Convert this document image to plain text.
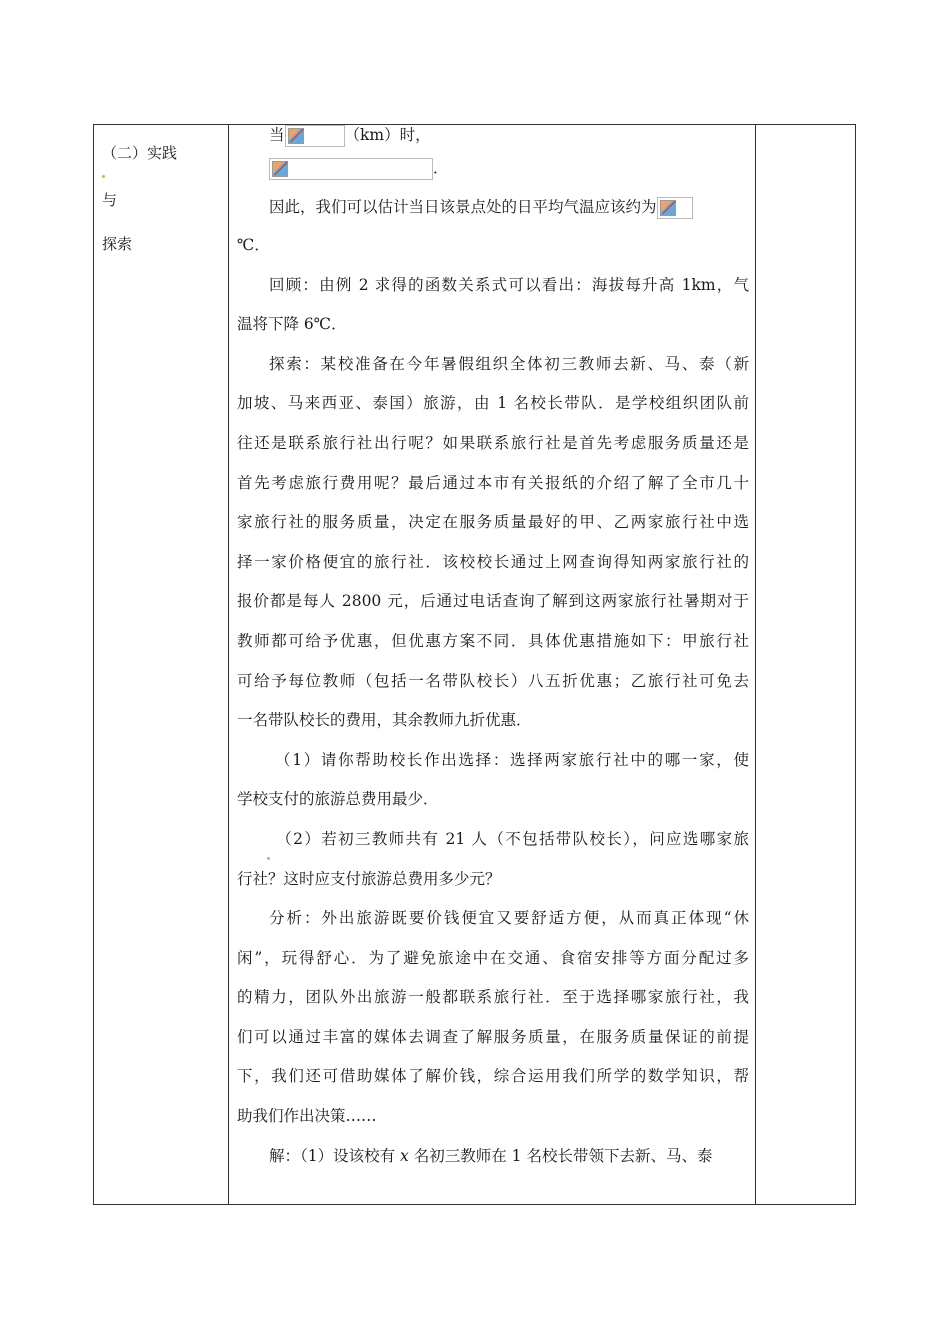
（二）实践
与
探索
当	（km）时，
．
因此，我们可以估计当日该景点处的日平均气温应该约为
℃．
回顾：由例 2 求得的函数关系式可以看出：海拔每升高 1km，气
温将下降 6℃．
探索：某校准备在今年暑假组织全体初三教师去新、马、泰（新
加坡、马来西亚、泰国）旅游，由 1 名校长带队．是学校组织团队前
往还是联系旅行社出行呢？如果联系旅行社是首先考虑服务质量还是
首先考虑旅行费用呢？最后通过本市有关报纸的介绍了解了全市几十
家旅行社的服务质量，决定在服务质量最好的甲、乙两家旅行社中选
择一家价格便宜的旅行社．该校校长通过上网查询得知两家旅行社的
报价都是每人 2800 元，后通过电话查询了解到这两家旅行社暑期对于
教师都可给予优惠，但优惠方案不同．具体优惠措施如下：甲旅行社
可给予每位教师（包括一名带队校长）八五折优惠；乙旅行社可免去
一名带队校长的费用，其余教师九折优惠．
（1）请你帮助校长作出选择：选择两家旅行社中的哪一家，使
学校支付的旅游总费用最少．
（2）若初三教师共有 21 人（不包括带队校长），问应选哪家旅
行社？这时应支付旅游总费用多少元？
分析：外出旅游既要价钱便宜又要舒适方便，从而真正体现“休
闲”，玩得舒心．为了避免旅途中在交通、食宿安排等方面分配过多
的精力，团队外出旅游一般都联系旅行社．至于选择哪家旅行社，我
们可以通过丰富的媒体去调查了解服务质量，在服务质量保证的前提
下，我们还可借助媒体了解价钱，综合运用我们所学的数学知识，帮
助我们作出决策……
解：（1）设该校有 x 名初三教师在 1 名校长带领下去新、马、泰
